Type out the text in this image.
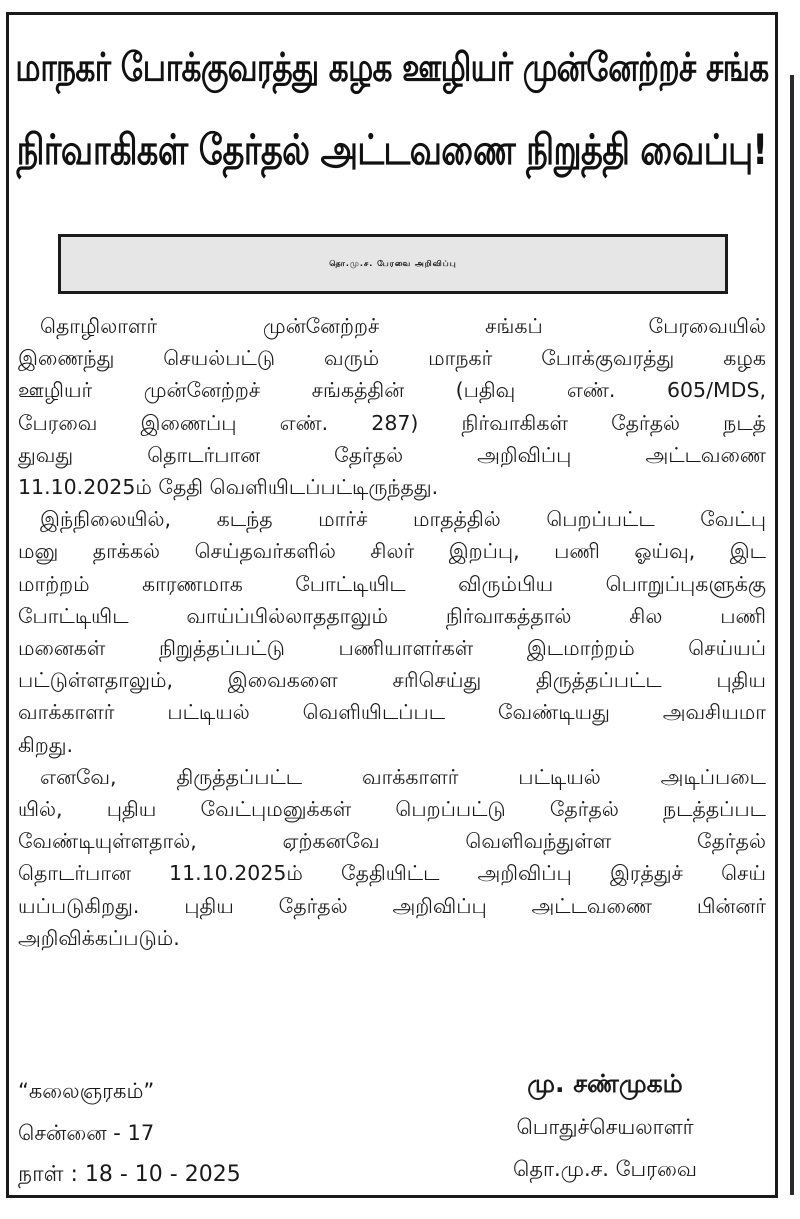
மாநகர் போக்குவரத்து கழக ஊழியர் முன்னேற்றச் சங்க
நிர்வாகிகள் தேர்தல் அட்டவணை நிறுத்தி வைப்பு!
தொ.மு.ச. பேரவை அறிவிப்பு
தொழிலாளர் முன்னேற்றச் சங்கப் பேரவையில்
இணைந்து செயல்பட்டு வரும் மாநகர் போக்குவரத்து கழக
ஊழியர் முன்னேற்றச் சங்கத்தின் (பதிவு எண். 605/MDS,
பேரவை இணைப்பு எண். 287) நிர்வாகிகள் தேர்தல் நடத்
துவது தொடர்பான தேர்தல் அறிவிப்பு அட்டவணை
11.10.2025ம் தேதி வெளியிடப்பட்டிருந்தது.
இந்நிலையில், கடந்த மார்ச் மாதத்தில் பெறப்பட்ட வேட்பு
மனு தாக்கல் செய்தவர்களில் சிலர் இறப்பு, பணி ஓய்வு, இட
மாற்றம் காரணமாக போட்டியிட விரும்பிய பொறுப்புகளுக்கு
போட்டியிட வாய்ப்பில்லாததாலும் நிர்வாகத்தால் சில பணி
மனைகள் நிறுத்தப்பட்டு பணியாளர்கள் இடமாற்றம் செய்யப்
பட்டுள்ளதாலும், இவைகளை சரிசெய்து திருத்தப்பட்ட புதிய
வாக்காளர் பட்டியல் வெளியிடப்பட வேண்டியது அவசியமா
கிறது.
எனவே, திருத்தப்பட்ட வாக்காளர் பட்டியல் அடிப்படை
யில், புதிய வேட்புமனுக்கள் பெறப்பட்டு தேர்தல் நடத்தப்பட
வேண்டியுள்ளதால், ஏற்கனவே வெளிவந்துள்ள தேர்தல்
தொடர்பான 11.10.2025ம் தேதியிட்ட அறிவிப்பு இரத்துச் செய்
யப்படுகிறது. புதிய தேர்தல் அறிவிப்பு அட்டவணை பின்னர்
அறிவிக்கப்படும்.
“கலைஞரகம்”
சென்னை - 17
நாள் : 18 - 10 - 2025
மு. சண்முகம்
பொதுச்செயலாளர்
தொ.மு.ச. பேரவை
